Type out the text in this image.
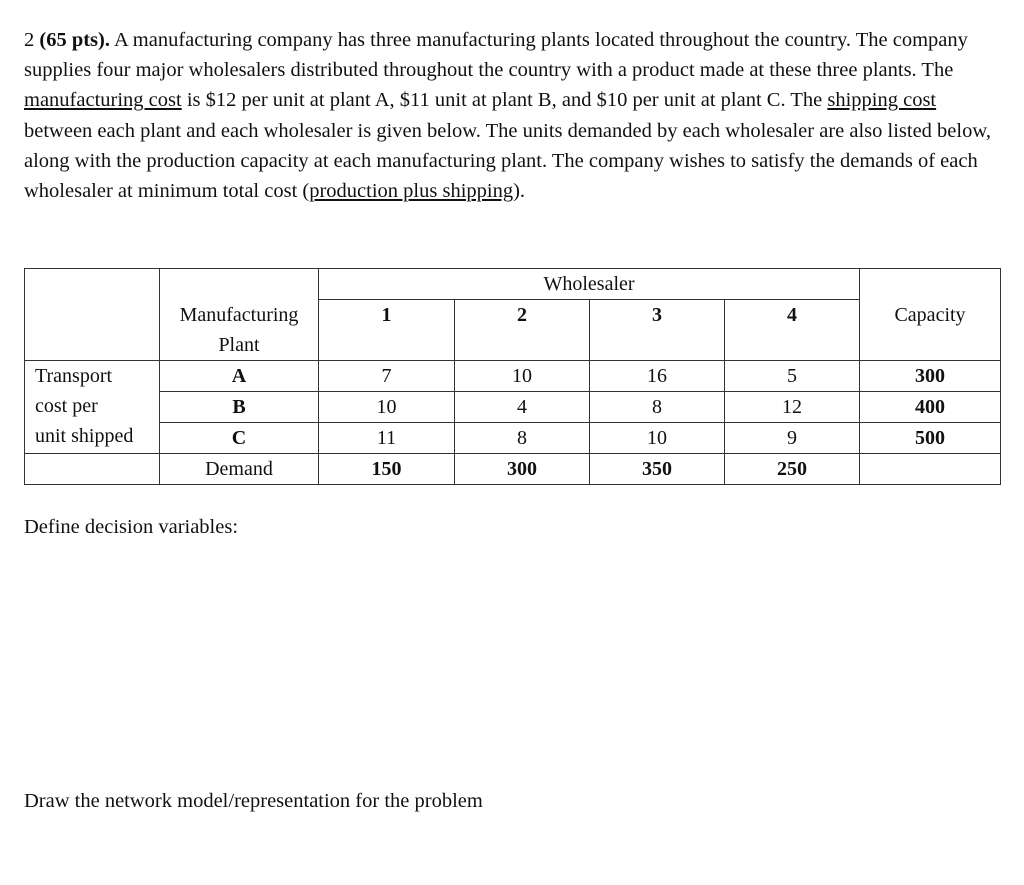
2 (65 pts). A manufacturing company has three manufacturing plants located throughout the country. The company supplies four major wholesalers distributed throughout the country with a product made at these three plants. The manufacturing cost is $12 per unit at plant A, $11 unit at plant B, and $10 per unit at plant C. The shipping cost between each plant and each wholesaler is given below. The units demanded by each wholesaler are also listed below, along with the production capacity at each manufacturing plant. The company wishes to satisfy the demands of each wholesaler at minimum total cost (production plus shipping).

		Wholesaler				
	Manufacturing
Plant	1	2	3	4	Capacity
Transport
cost per
unit shipped	A	7	10	16	5	300
	B	10	4	8	12	400
	C	11	8	10	9	500
	Demand	150	300	350	250	

Define decision variables:

Draw the network model/representation for the problem
